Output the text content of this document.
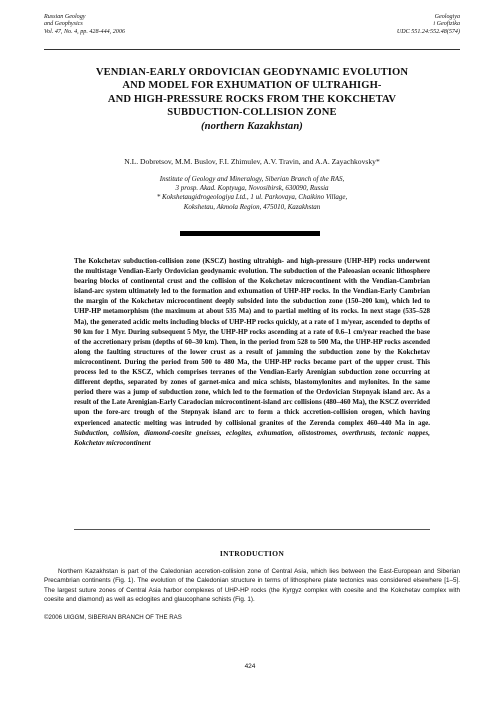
Russian Geology
and Geophysics
Vol. 47, No. 4, pp. 428-444, 2006
Geologiya
i Geofizika
UDC 551.24:552.48(574)
VENDIAN-EARLY ORDOVICIAN GEODYNAMIC EVOLUTION
AND MODEL FOR EXHUMATION OF ULTRAHIGH-
AND HIGH-PRESSURE ROCKS FROM THE KOKCHETAV
SUBDUCTION-COLLISION ZONE
(northern Kazakhstan)
N.L. Dobretsov, M.M. Buslov, F.I. Zhimulev, A.V. Travin, and A.A. Zayachkovsky*
Institute of Geology and Mineralogy, Siberian Branch of the RAS,
3 prosp. Akad. Koptyuga, Novosibirsk, 630090, Russia
* Kokshetaugidrogeologiya Ltd., 1 ul. Parkovaya, Chaikino Village,
Kokshetau, Akmola Region, 475010, Kazakhstan
The Kokchetav subduction-collision zone (KSCZ) hosting ultrahigh- and high-pressure (UHP-HP) rocks underwent the multistage Vendian-Early Ordovician geodynamic evolution. The subduction of the Paleoasian oceanic lithosphere bearing blocks of continental crust and the collision of the Kokchetav microcontinent with the Vendian-Cambrian island-arc system ultimately led to the formation and exhumation of UHP-HP rocks. In the Vendian-Early Cambrian the margin of the Kokchetav microcontinent deeply subsided into the subduction zone (150–200 km), which led to UHP-HP metamorphism (the maximum at about 535 Ma) and to partial melting of its rocks. In next stage (535–528 Ma), the generated acidic melts including blocks of UHP-HP rocks quickly, at a rate of 1 m/year, ascended to depths of 90 km for 1 Myr. During subsequent 5 Myr, the UHP-HP rocks ascending at a rate of 0.6–1 cm/year reached the base of the accretionary prism (depths of 60–30 km). Then, in the period from 528 to 500 Ma, the UHP-HP rocks ascended along the faulting structures of the lower crust as a result of jamming the subduction zone by the Kokchetav microcontinent. During the period from 500 to 480 Ma, the UHP-HP rocks became part of the upper crust. This process led to the KSCZ, which comprises terranes of the Vendian-Early Arenigian subduction zone occurring at different depths, separated by zones of garnet-mica and mica schists, blastomylonites and mylonites. In the same period there was a jump of subduction zone, which led to the formation of the Ordovician Stepnyak island arc. As a result of the Late Arenigian-Early Caradocian microcontinent-island arc collisions (480–460 Ma), the KSCZ overrided upon the fore-arc trough of the Stepnyak island arc to form a thick accretion-collision orogen, which having experienced anatectic melting was intruded by collisional granites of the Zerenda complex 460–440 Ma in age. Subduction, collision, diamond-coesite gneisses, eclogites, exhumation, olistostromes, overthrusts, tectonic nappes, Kokchetav microcontinent
INTRODUCTION
Northern Kazakhstan is part of the Caledonian accretion-collision zone of Central Asia, which lies between the East-European and Siberian Precambrian continents (Fig. 1). The evolution of the Caledonian structure in terms of lithosphere plate tectonics was considered elsewhere [1–5]. The largest suture zones of Central Asia harbor complexes of UHP-HP rocks (the Kyrgyz complex with coesite and the Kokchetav complex with coesite and diamond) as well as eclogites and glaucophane schists (Fig. 1).
©2006 UIGGM, SIBERIAN BRANCH OF THE RAS
424
